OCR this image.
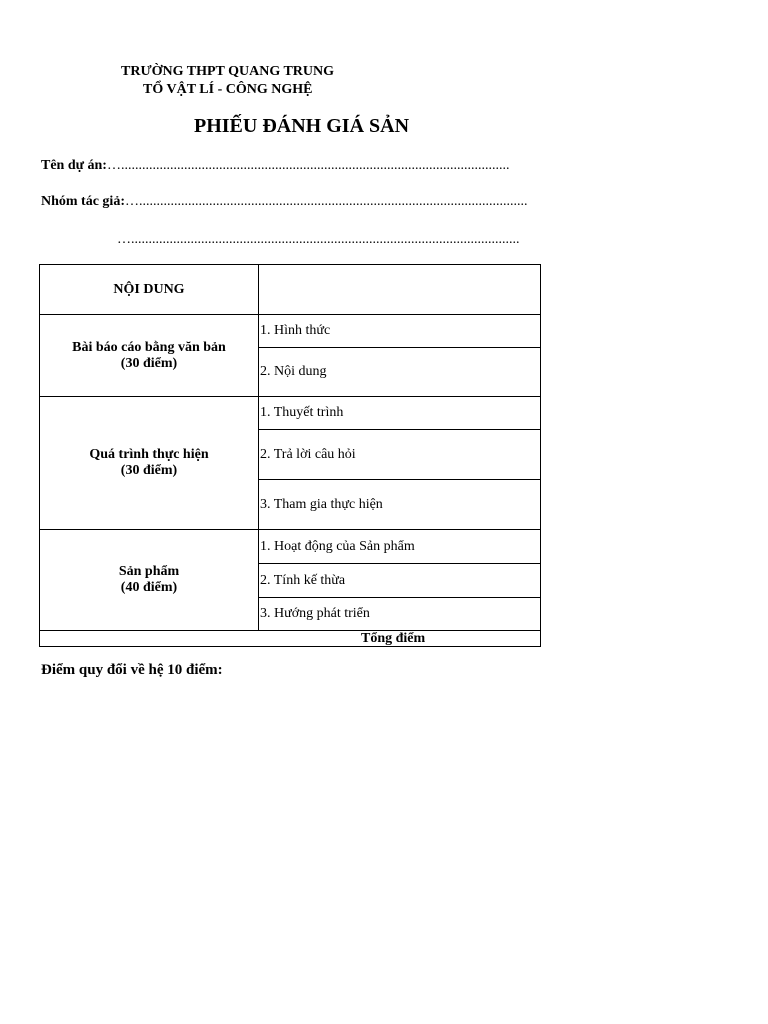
TRƯỜNG THPT QUANG TRUNG
TỔ VẬT LÍ - CÔNG NGHỆ
PHIẾU ĐÁNH GIÁ SẢN
Tên dự án:…...............................................................................................................
Nhóm tác giả:…...............................................................................................................
…...............................................................................................................
NỘI DUNG	

Bài báo cáo bằng văn bản
(30 điểm)	1. Hình thức
	2. Nội dung

Quá trình thực hiện
(30 điểm)	1. Thuyết trình
	2. Trả lời câu hỏi
	3. Tham gia thực hiện

Sản phẩm
(40 điểm)	1. Hoạt động của Sản phẩm
	2. Tính kế thừa
	3. Hướng phát triển
Tổng điểm	
Điểm quy đổi về hệ 10 điểm:
